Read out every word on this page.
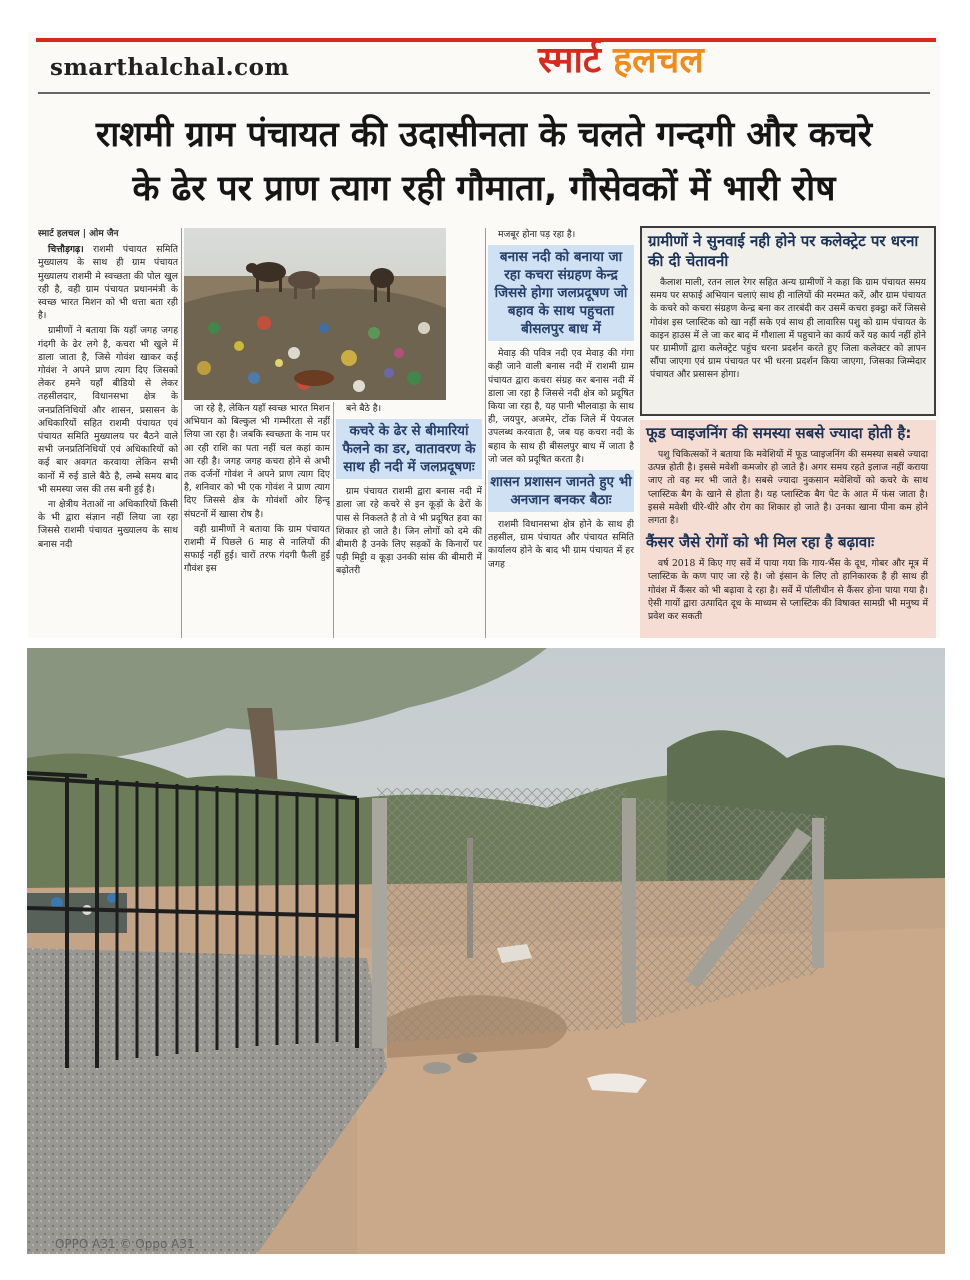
smarthalchal.com	स्मार्ट हलचल
राशमी ग्राम पंचायत की उदासीनता के चलते गन्दगी और कचरे
के ढेर पर प्राण त्याग रही गौमाता, गौसेवकों में भारी रोष

स्मार्ट हलचल | ओम जैन

चित्तौड़गढ़। राशमी पंचायत समिति मुख्यालय के साथ ही ग्राम पंचायत मुख्यालय राशमी मे स्वच्छता की पोल खुल रही है, वही ग्राम पंचायत प्रधानमंत्री के स्वच्छ भारत मिशन को भी धत्ता बता रही है।

ग्रामीणों ने बताया कि यहाँ जगह जगह गंदगी के ढेर लगे है, कचरा भी खुले में डाला जाता है, जिसे गोवंश खाकर कई गोवंश ने अपने प्राण त्याग दिए जिसको लेकर हमने यहाँ बीडियो से लेकर तहसीलदार, विधानसभा क्षेत्र के जनप्रतिनिधियों और शासन, प्रसासन के अधिकारियों सहित राशमी पंचायत एवं पंचायत समिति मुख्यालय पर बैठने वाले सभी जनप्रतिनिधियों एवं अधिकारियों को कई बार अवगत करवाया लेकिन सभी कानों में रुई डाले बैठे है, लम्बे समय बाद भी समस्या जस की तस बनी हुई है।

ना क्षेत्रीय नेताओं ना अधिकारियों किसी के भी द्वारा संज्ञान नहीं लिया जा रहा जिससे राशमी पंचायत मुख्यालय के साथ बनास नदी

जा रहे है, लेकिन यहाँ स्वच्छ भारत मिशन अभियान को बिल्कुल भी गम्भीरता से नहीं लिया जा रहा है। जबकि स्वच्छता के नाम पर आ रही राशि का पता नहीं चल कहां काम आ रही है। जगह जगह कचरा होने से अभी तक दर्जनों गोवंश ने अपने प्राण त्याग दिए है, शनिवार को भी एक गोवंश ने प्राण त्याग दिए जिससे क्षेत्र के गोवंशों ओर हिन्दू संघटनों में खासा रोष है।

वही ग्रामीणों ने बताया कि ग्राम पंचायत राशमी में पिछले 6 माह से नालियों की सफाई नहीं हुई। चारों तरफ गंदगी फैली हुई गौवंश इस

बने बैठे है।

कचरे के ढेर से बीमारियां फैलने का डर, वातावरण के साथ ही नदी में जलप्रदूषणः

ग्राम पंचायत राशमी द्वारा बनास नदी में डाला जा रहे कचरे से इन कूड़ों के ढेरों के पास से निकलते है तो वे भी प्रदूषित हवा का शिकार हो जाते है। जिन लोगों को दमे की बीमारी है उनके लिए सड़कों के किनारों पर पड़ी मिट्टी व कूड़ा उनकी सांस की बीमारी में बढ़ोतरी

मजबूर होना पड़ रहा है।

बनास नदी को बनाया जा रहा कचरा संग्रहण केन्द्र जिससे होगा जलप्रदूषण जो बहाव के साथ पहुचता बीसलपुर बाध में

मेवाड़ की पवित्र नदी एव मेवाड़ की गंगा कही जाने वाली बनास नदी में राशमी ग्राम पंचायत द्वारा कचरा संग्रह कर बनास नदी में डाला जा रहा है जिससे नदी क्षेत्र को प्रदूषित किया जा रहा है, यह पानी भीलवाड़ा के साथ ही, जयपुर, अजमेर, टोंक जिले में पेयजल उपलब्ध करवाता है, जब यह कचरा नदी के बहाव के साथ ही बीसलपुर बाध में जाता है जो जल को प्रदूषित करता है।

शासन प्रशासन जानते हुए भी अनजान बनकर बैठाः

राशमी विधानसभा क्षेत्र होने के साथ ही तहसील, ग्राम पंचायत और पंचायत समिति कार्यालय होने के बाद भी ग्राम पंचायत में हर जगह

ग्रामीणों ने सुनवाई नही होने पर कलेक्ट्रेट पर धरना की दी चेतावनी

कैलाश माली, रतन लाल रेगर सहित अन्य ग्रामीणों ने कहा कि ग्राम पंचायत समय समय पर सफाई अभियान चलाएं साथ ही नालियों की मरम्मत करें, और ग्राम पंचायत के कचरे को कचरा संग्रहण केन्द्र बना कर तारबंदी कर उसमें कचरा इक्ट्ठा करें जिससे गोवंश इस प्लास्टिक को खा नहीं सके एवं साथ ही लावारिस पशु को ग्राम पंचायत के काइन हाउस में ले जा कर बाद में गौशाला में पहुचाने का कार्य करें यह कार्य नहीं होने पर ग्रामीणों द्वारा कलेक्ट्रेट पहुंच धरना प्रदर्शन करते हुए जिला कलेक्टर को ज्ञापन सौंपा जाएगा एवं ग्राम पंचायत पर भी धरना प्रदर्शन किया जाएगा, जिसका जिम्मेदार पंचायत और प्रसासन होगा।

फूड प्वाइजनिंग की समस्या सबसे ज्यादा होती है:

पशु चिकित्सकों ने बताया कि मवेशियों में फूड प्वाइजनिंग की समस्या सबसे ज्यादा उत्पन्न होती है। इससे मवेशी कमजोर हो जाते है। अगर समय रहते इलाज नहीं कराया जाए तो वह मर भी जाते है। सबसे ज्यादा नुकसान मवेशियों को कचरे के साथ प्लास्टिक बैग के खाने से होता है। यह प्लास्टिक बैग पेट के आत में फंस जाता है। इससे मवेशी धीरे-धीरे और रोग का शिकार हो जाते है। उनका खाना पीना कम होने लगता है।

कैंसर जैसे रोगों को भी मिल रहा है बढ़ावाः

वर्ष 2018 में किए गए सर्वे में पाया गया कि गाय-भैंस के दूध, गोबर और मूत्र में प्लास्टिक के कण पाए जा रहे है। जो इंसान के लिए तो हानिकारक है ही साथ ही गोवंश में कैंसर को भी बढ़ावा दे रहा है। सर्वे में पॉलीथीन से कैंसर होना पाया गया है। ऐसी गायों द्वारा उत्पादित दूध के माध्यम से प्लास्टिक की विषाक्त सामग्री भी मनुष्य में प्रवेश कर सकती

OPPO A31 © Oppo A31
